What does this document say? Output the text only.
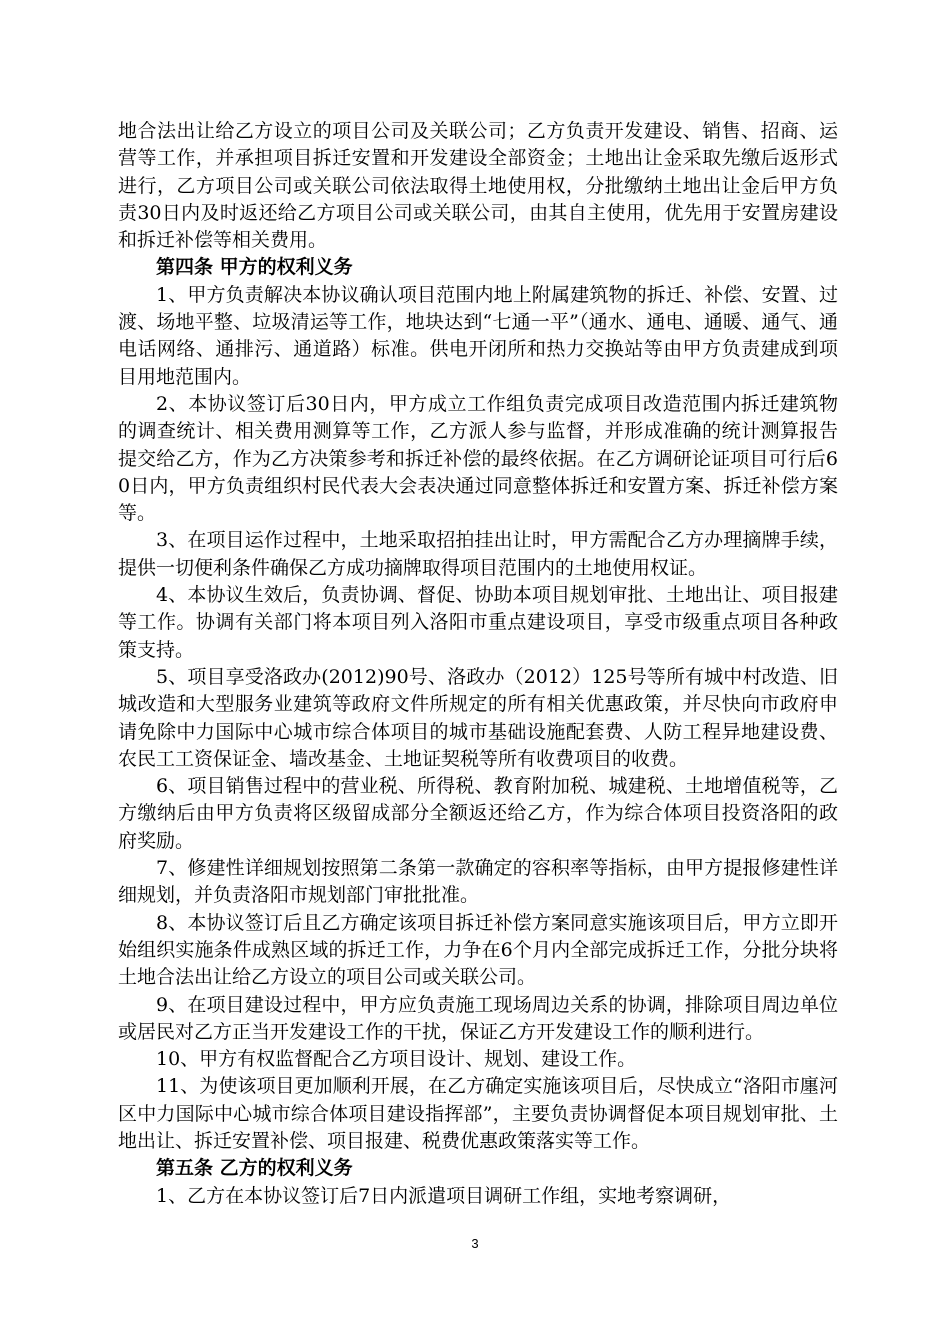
地合法出让给乙方设立的项目公司及关联公司；乙方负责开发建设、销售、招商、运营等工作，并承担项目拆迁安置和开发建设全部资金；土地出让金采取先缴后返形式进行，乙方项目公司或关联公司依法取得土地使用权，分批缴纳土地出让金后甲方负责30日内及时返还给乙方项目公司或关联公司，由其自主使用，优先用于安置房建设和拆迁补偿等相关费用。

第四条 甲方的权利义务

1、甲方负责解决本协议确认项目范围内地上附属建筑物的拆迁、补偿、安置、过渡、场地平整、垃圾清运等工作，地块达到“七通一平”（通水、通电、通暖、通气、通电话网络、通排污、通道路）标准。供电开闭所和热力交换站等由甲方负责建成到项目用地范围内。

2、本协议签订后30日内，甲方成立工作组负责完成项目改造范围内拆迁建筑物的调查统计、相关费用测算等工作，乙方派人参与监督，并形成准确的统计测算报告提交给乙方，作为乙方决策参考和拆迁补偿的最终依据。在乙方调研论证项目可行后60日内，甲方负责组织村民代表大会表决通过同意整体拆迁和安置方案、拆迁补偿方案等。

3、在项目运作过程中，土地采取招拍挂出让时，甲方需配合乙方办理摘牌手续，提供一切便利条件确保乙方成功摘牌取得项目范围内的土地使用权证。

4、本协议生效后，负责协调、督促、协助本项目规划审批、土地出让、项目报建等工作。协调有关部门将本项目列入洛阳市重点建设项目，享受市级重点项目各种政策支持。

5、项目享受洛政办(2012)90号、洛政办（2012）125号等所有城中村改造、旧城改造和大型服务业建筑等政府文件所规定的所有相关优惠政策，并尽快向市政府申请免除中力国际中心城市综合体项目的城市基础设施配套费、人防工程异地建设费、农民工工资保证金、墙改基金、土地证契税等所有收费项目的收费。

6、项目销售过程中的营业税、所得税、教育附加税、城建税、土地增值税等，乙方缴纳后由甲方负责将区级留成部分全额返还给乙方，作为综合体项目投资洛阳的政府奖励。

7、修建性详细规划按照第二条第一款确定的容积率等指标，由甲方提报修建性详细规划，并负责洛阳市规划部门审批批准。

8、本协议签订后且乙方确定该项目拆迁补偿方案同意实施该项目后，甲方立即开始组织实施条件成熟区域的拆迁工作，力争在6个月内全部完成拆迁工作，分批分块将土地合法出让给乙方设立的项目公司或关联公司。

9、在项目建设过程中，甲方应负责施工现场周边关系的协调，排除项目周边单位或居民对乙方正当开发建设工作的干扰，保证乙方开发建设工作的顺利进行。

10、甲方有权监督配合乙方项目设计、规划、建设工作。

11、为使该项目更加顺利开展，在乙方确定实施该项目后，尽快成立“洛阳市廛河区中力国际中心城市综合体项目建设指挥部”，主要负责协调督促本项目规划审批、土地出让、拆迁安置补偿、项目报建、税费优惠政策落实等工作。

第五条 乙方的权利义务

1、乙方在本协议签订后7日内派遣项目调研工作组，实地考察调研，

3
